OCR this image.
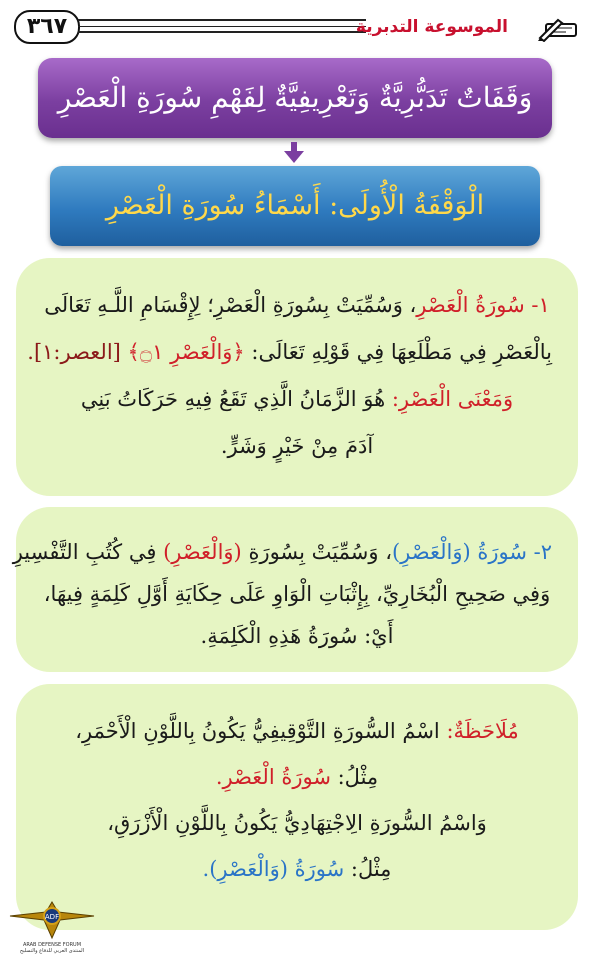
٣٦٧	الموسوعة التدبرية
وَقَفَاتٌ تَدَبُّرِيَّةٌ وَتَعْرِيفِيَّةٌ لِفَهْمِ سُورَةِ الْعَصْرِ
الْوَقْفَةُ الْأُولَى: أَسْمَاءُ سُورَةِ الْعَصْرِ
١- سُورَةُ الْعَصْرِ، وَسُمِّيَتْ بِسُورَةِ الْعَصْرِ؛ لِإِقْسَامِ اللَّـهِ تَعَالَى
بِالْعَصْرِ فِي مَطْلَعِهَا فِي قَوْلِهِ تَعَالَى: ﴿وَالْعَصْرِ ۝١﴾ [العصر:١].
وَمَعْنَى الْعَصْرِ: هُوَ الزَّمَانُ الَّذِي تَقَعُ فِيهِ حَرَكَاتُ بَنِي
آدَمَ مِنْ خَيْرٍ وَشَرٍّ.
٢- سُورَةُ (وَالْعَصْرِ)، وَسُمِّيَتْ بِسُورَةِ (وَالْعَصْرِ) فِي كُتُبِ التَّفْسِيرِ
وَفِي صَحِيحِ الْبُخَارِيِّ، بِإِثْبَاتِ الْوَاوِ عَلَى حِكَايَةِ أَوَّلِ كَلِمَةٍ فِيهَا،
أَيْ: سُورَةُ هَذِهِ الْكَلِمَةِ.
مُلَاحَظَةٌ: اسْمُ السُّورَةِ التَّوْقِيفِيُّ يَكُونُ بِاللَّوْنِ الْأَحْمَرِ،
مِثْلُ: سُورَةُ الْعَصْرِ.
وَاسْمُ السُّورَةِ الِاجْتِهَادِيُّ يَكُونُ بِاللَّوْنِ الْأَزْرَقِ،
مِثْلُ: سُورَةُ (وَالْعَصْرِ).
ADF
ARAB DEFENSE FORUM
المنتدى العربي للدفاع والتسليح
